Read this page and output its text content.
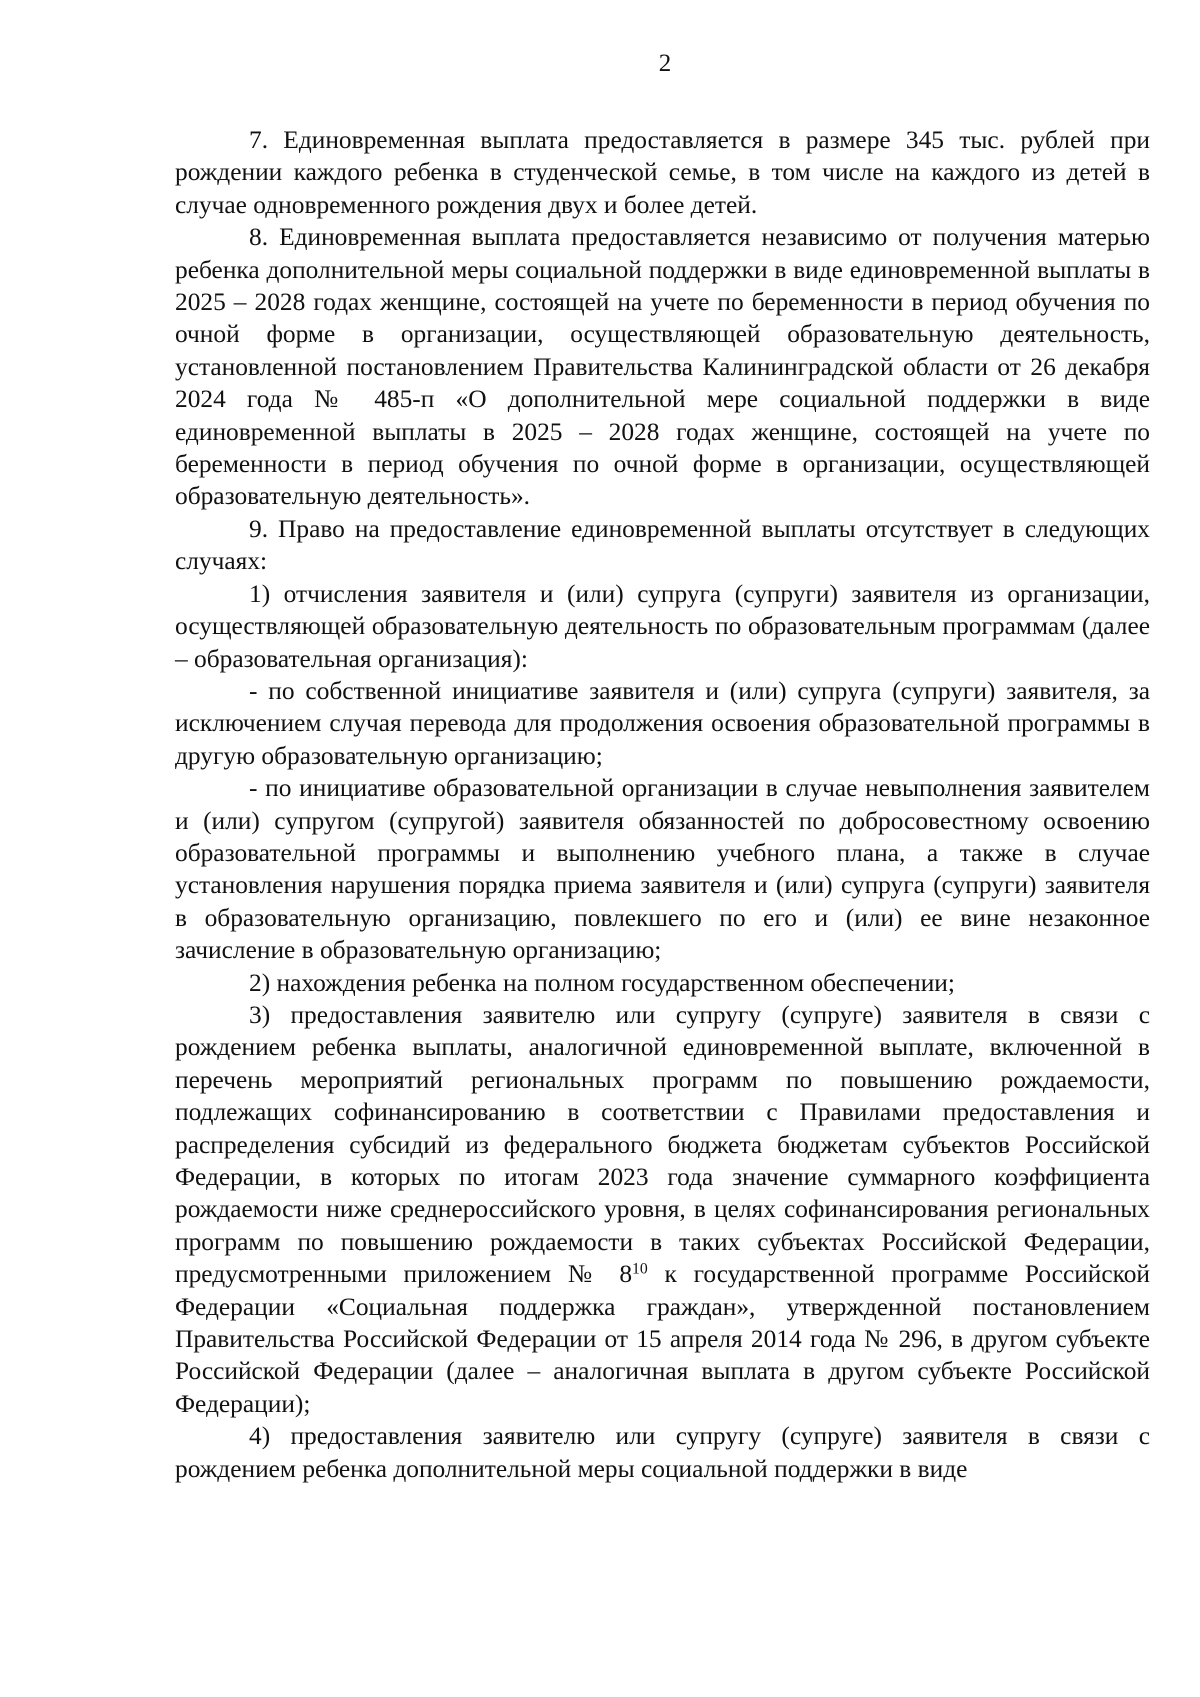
2

7. Единовременная выплата предоставляется в размере 345 тыс. рублей при рождении каждого ребенка в студенческой семье, в том числе на каждого из детей в случае одновременного рождения двух и более детей.

8. Единовременная выплата предоставляется независимо от получения матерью ребенка дополнительной меры социальной поддержки в виде единовременной выплаты в 2025 – 2028 годах женщине, состоящей на учете по беременности в период обучения по очной форме в организации, осуществляющей образовательную деятельность, установленной постановлением Правительства Калининградской области от 26 декабря 2024 года № 485-п «О дополнительной мере социальной поддержки в виде единовременной выплаты в 2025 – 2028 годах женщине, состоящей на учете по беременности в период обучения по очной форме в организации, осуществляющей образовательную деятельность».

9. Право на предоставление единовременной выплаты отсутствует в следующих случаях:

1) отчисления заявителя и (или) супруга (супруги) заявителя из организации, осуществляющей образовательную деятельность по образовательным программам (далее – образовательная организация):

- по собственной инициативе заявителя и (или) супруга (супруги) заявителя, за исключением случая перевода для продолжения освоения образовательной программы в другую образовательную организацию;

- по инициативе образовательной организации в случае невыполнения заявителем и (или) супругом (супругой) заявителя обязанностей по добросовестному освоению образовательной программы и выполнению учебного плана, а также в случае установления нарушения порядка приема заявителя и (или) супруга (супруги) заявителя в образовательную организацию, повлекшего по его и (или) ее вине незаконное зачисление в образовательную организацию;

2) нахождения ребенка на полном государственном обеспечении;

3) предоставления заявителю или супругу (супруге) заявителя в связи с рождением ребенка выплаты, аналогичной единовременной выплате, включенной в перечень мероприятий региональных программ по повышению рождаемости, подлежащих софинансированию в соответствии с Правилами предоставления и распределения субсидий из федерального бюджета бюджетам субъектов Российской Федерации, в которых по итогам 2023 года значение суммарного коэффициента рождаемости ниже среднероссийского уровня, в целях софинансирования региональных программ по повышению рождаемости в таких субъектах Российской Федерации, предусмотренными приложением № $8^{10}$ к государственной программе Российской Федерации «Социальная поддержка граждан», утвержденной постановлением Правительства Российской Федерации от 15 апреля 2014 года № 296, в другом субъекте Российской Федерации (далее – аналогичная выплата в другом субъекте Российской Федерации);

4) предоставления заявителю или супругу (супруге) заявителя в связи с рождением ребенка дополнительной меры социальной поддержки в виде
